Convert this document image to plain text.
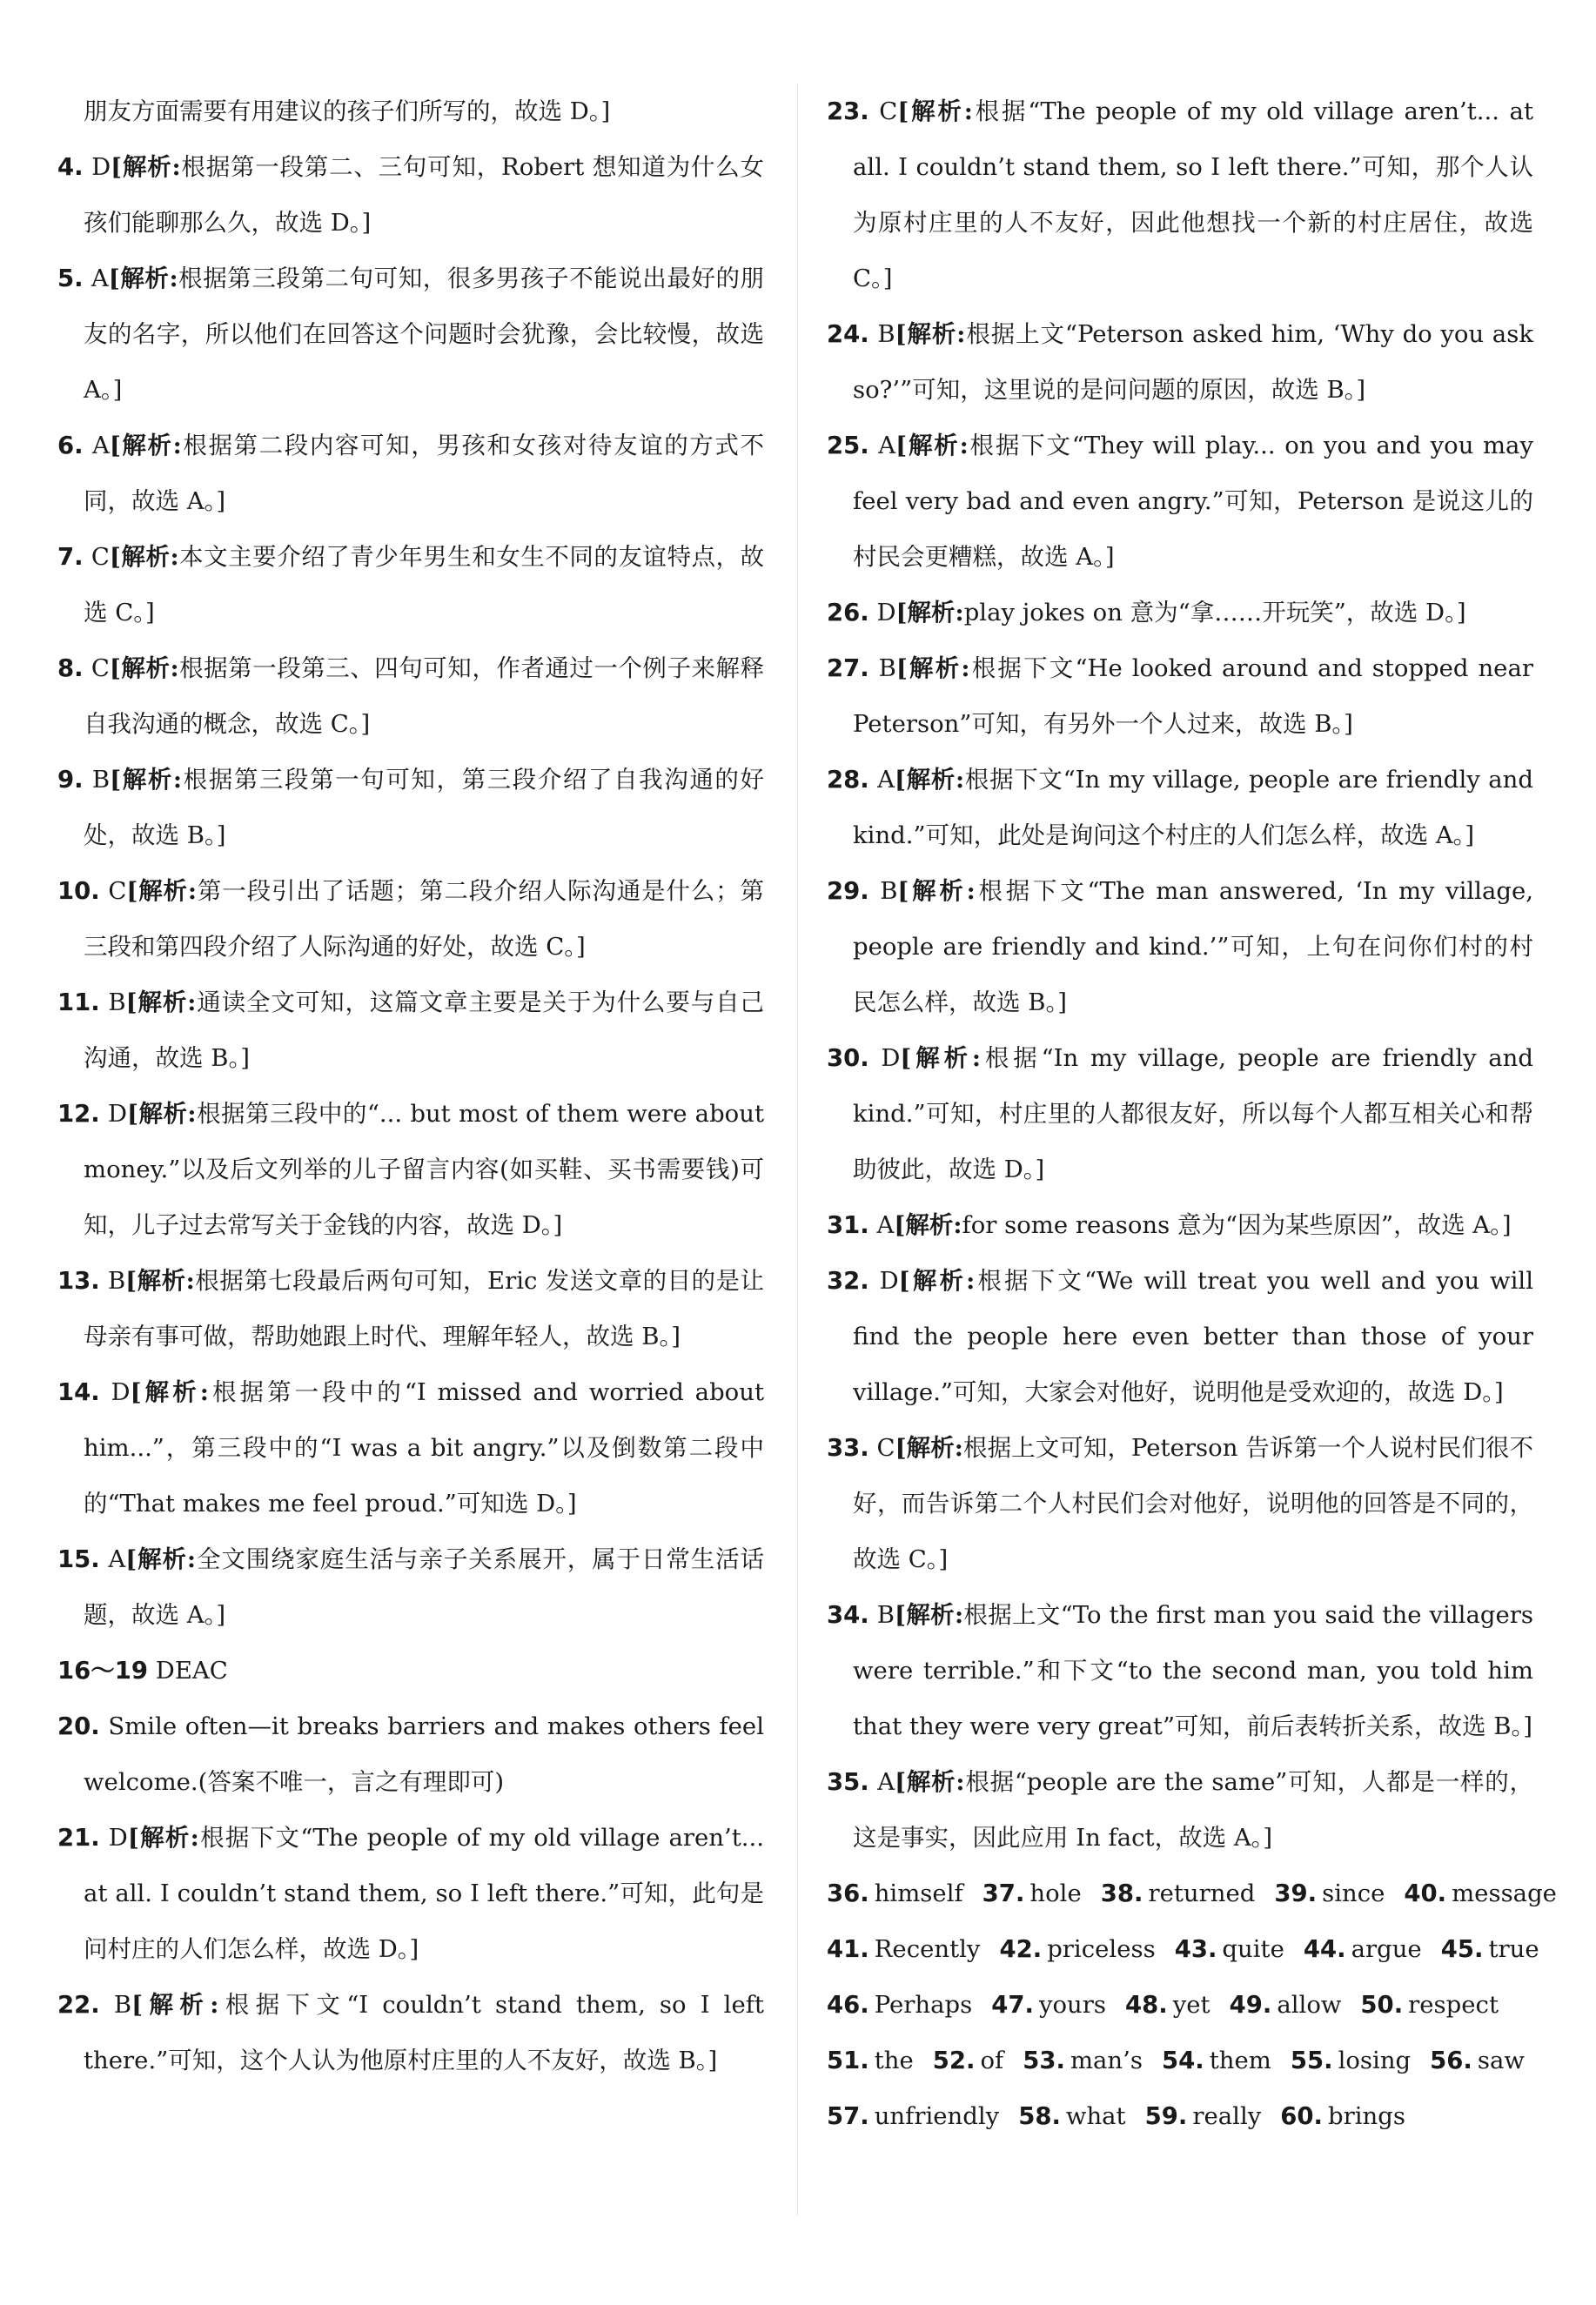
朋友方面需要有用建议的孩子们所写的，故选 D。]

4. D[解析:根据第一段第二、三句可知，Robert 想知道为什么女孩们能聊那么久，故选 D。]

5. A[解析:根据第三段第二句可知，很多男孩子不能说出最好的朋友的名字，所以他们在回答这个问题时会犹豫，会比较慢，故选 A。]

6. A[解析:根据第二段内容可知，男孩和女孩对待友谊的方式不同，故选 A。]

7. C[解析:本文主要介绍了青少年男生和女生不同的友谊特点，故选 C。]

8. C[解析:根据第一段第三、四句可知，作者通过一个例子来解释自我沟通的概念，故选 C。]

9. B[解析:根据第三段第一句可知，第三段介绍了自我沟通的好处，故选 B。]

10. C[解析:第一段引出了话题；第二段介绍人际沟通是什么；第三段和第四段介绍了人际沟通的好处，故选 C。]

11. B[解析:通读全文可知，这篇文章主要是关于为什么要与自己沟通，故选 B。]

12. D[解析:根据第三段中的“... but most of them were about money.”以及后文列举的儿子留言内容(如买鞋、买书需要钱)可知，儿子过去常写关于金钱的内容，故选 D。]

13. B[解析:根据第七段最后两句可知，Eric 发送文章的目的是让母亲有事可做，帮助她跟上时代、理解年轻人，故选 B。]

14. D[解析:根据第一段中的“I missed and worried about him...”，第三段中的“I was a bit angry.”以及倒数第二段中的“That makes me feel proud.”可知选 D。]

15. A[解析:全文围绕家庭生活与亲子关系展开，属于日常生活话题，故选 A。]

16～19 DEAC

20. Smile often—it breaks barriers and makes others feel welcome.(答案不唯一，言之有理即可)

21. D[解析:根据下文“The people of my old village aren’t... at all. I couldn’t stand them, so I left there.”可知，此句是问村庄的人们怎么样，故选 D。]

22. B[解析:根据下文“I couldn’t stand them, so I left there.”可知，这个人认为他原村庄里的人不友好，故选 B。]

23. C[解析:根据“The people of my old village aren’t... at all. I couldn’t stand them, so I left there.”可知，那个人认为原村庄里的人不友好，因此他想找一个新的村庄居住，故选 C。]

24. B[解析:根据上文“Peterson asked him, ‘Why do you ask so?’”可知，这里说的是问问题的原因，故选 B。]

25. A[解析:根据下文“They will play... on you and you may feel very bad and even angry.”可知，Peterson 是说这儿的村民会更糟糕，故选 A。]

26. D[解析:play jokes on 意为“拿……开玩笑”，故选 D。]

27. B[解析:根据下文“He looked around and stopped near Peterson”可知，有另外一个人过来，故选 B。]

28. A[解析:根据下文“In my village, people are friendly and kind.”可知，此处是询问这个村庄的人们怎么样，故选 A。]

29. B[解析:根据下文“The man answered, ‘In my village, people are friendly and kind.’”可知，上句在问你们村的村民怎么样，故选 B。]

30. D[解析:根据“In my village, people are friendly and kind.”可知，村庄里的人都很友好，所以每个人都互相关心和帮助彼此，故选 D。]

31. A[解析:for some reasons 意为“因为某些原因”，故选 A。]

32. D[解析:根据下文“We will treat you well and you will find the people here even better than those of your village.”可知，大家会对他好，说明他是受欢迎的，故选 D。]

33. C[解析:根据上文可知，Peterson 告诉第一个人说村民们很不好，而告诉第二个人村民们会对他好，说明他的回答是不同的，故选 C。]

34. B[解析:根据上文“To the first man you said the villagers were terrible.”和下文“to the second man, you told him that they were very great”可知，前后表转折关系，故选 B。]

35. A[解析:根据“people are the same”可知，人都是一样的，这是事实，因此应用 In fact，故选 A。]

36. himself 37. hole 38. returned 39. since 40. message

41. Recently 42. priceless 43. quite 44. argue 45. true

46. Perhaps 47. yours 48. yet 49. allow 50. respect

51. the 52. of 53. man’s 54. them 55. losing 56. saw

57. unfriendly 58. what 59. really 60. brings
